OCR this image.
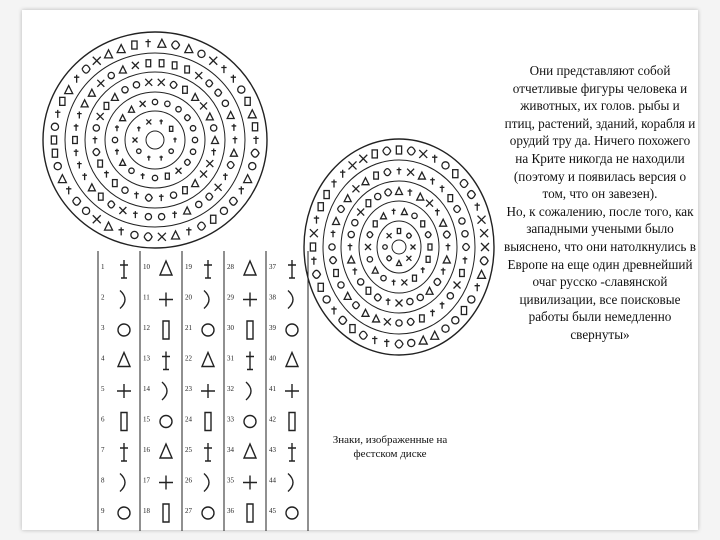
1
2
3
4
5
6
7
8
9
10
11
12
13
14
15
16
17
18
19
20
21
22
23
24
25
26
27
28
29
30
31
32
33
34
35
36
37
38
39
40
41
42
43
44
45
Знаки, изображенные на фестском диске
Они представляют собой отчетливые фигуры человека и животных, их голов. рыбы и птиц, растений, зданий, корабля и орудий тру да. Ничего похожего на Крите никогда не находили (поэтому и появилась версия о том, что он завезен).
Но, к сожалению, после того, как западными учеными было выяснено, что они натолкнулись в Европе на еще один древнейший очаг русско -славянской цивилизации, все поисковые работы были немедленно свернуты»
